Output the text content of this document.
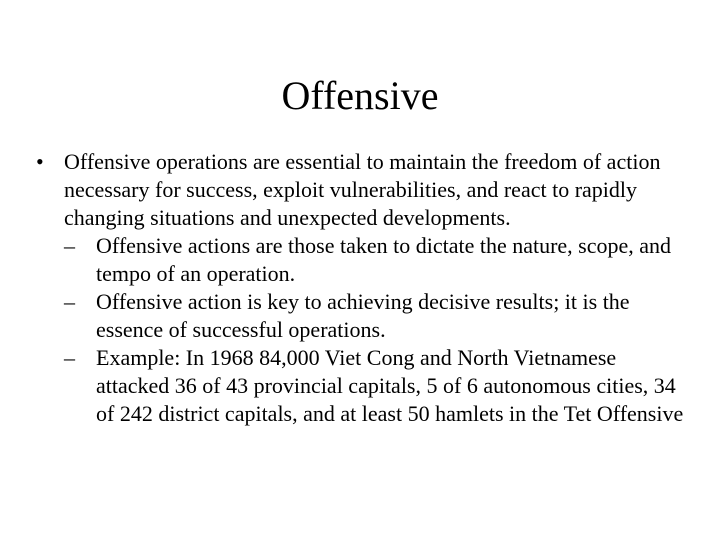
Offensive
• Offensive operations are essential to maintain the freedom of action necessary for success, exploit vulnerabilities, and react to rapidly changing situations and unexpected developments.
– Offensive actions are those taken to dictate the nature, scope, and tempo of an operation.
– Offensive action is key to achieving decisive results; it is the essence of successful operations.
– Example: In 1968 84,000 Viet Cong and North Vietnamese attacked 36 of 43 provincial capitals, 5 of 6 autonomous cities, 34 of 242 district capitals, and at least 50 hamlets in the Tet Offensive
